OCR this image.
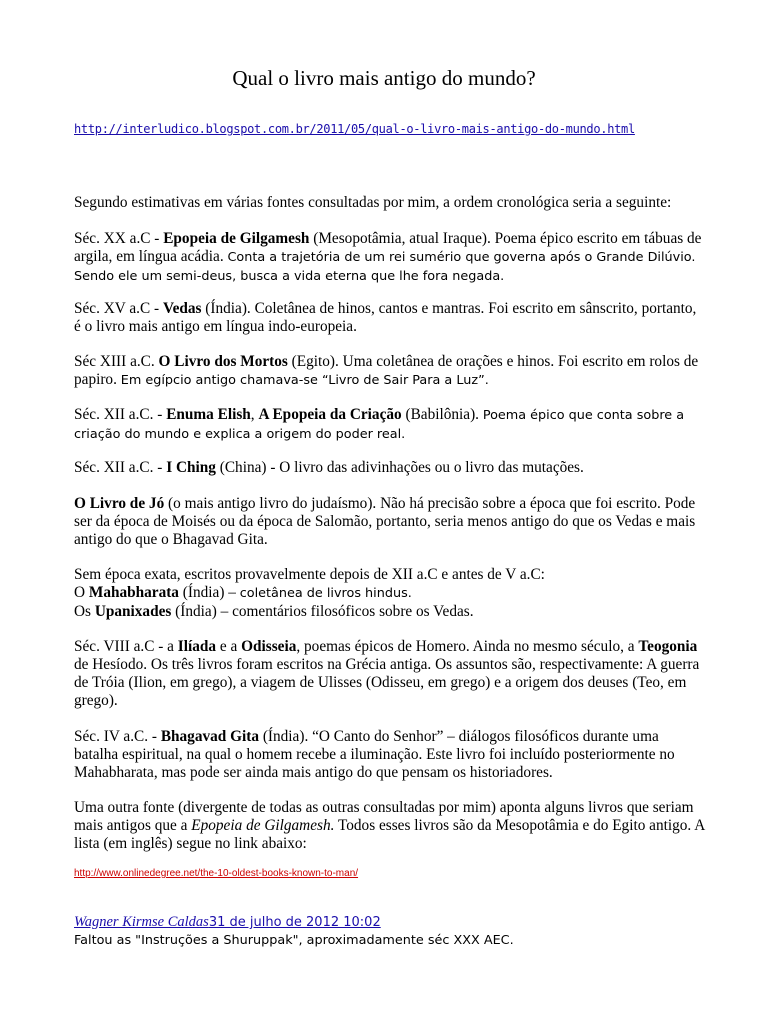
Qual o livro mais antigo do mundo?
http://interludico.blogspot.com.br/2011/05/qual-o-livro-mais-antigo-do-mundo.html
Segundo estimativas em várias fontes consultadas por mim, a ordem cronológica seria a seguinte:
Séc. XX a.C - Epopeia de Gilgamesh (Mesopotâmia, atual Iraque). Poema épico escrito em tábuas de argila, em língua acádia. Conta a trajetória de um rei sumério que governa após o Grande Dilúvio. Sendo ele um semi-deus, busca a vida eterna que lhe fora negada.
Séc. XV a.C - Vedas (Índia). Coletânea de hinos, cantos e mantras. Foi escrito em sânscrito, portanto, é o livro mais antigo em língua indo-europeia.
Séc XIII a.C. O Livro dos Mortos (Egito). Uma coletânea de orações e hinos. Foi escrito em rolos de papiro. Em egípcio antigo chamava-se “Livro de Sair Para a Luz”.
Séc. XII a.C. - Enuma Elish, A Epopeia da Criação (Babilônia). Poema épico que conta sobre a criação do mundo e explica a origem do poder real.
Séc. XII a.C. - I Ching (China) - O livro das adivinhações ou o livro das mutações.
O Livro de Jó (o mais antigo livro do judaísmo). Não há precisão sobre a época que foi escrito. Pode ser da época de Moisés ou da época de Salomão, portanto, seria menos antigo do que os Vedas e mais antigo do que o Bhagavad Gita.
Sem época exata, escritos provavelmente depois de XII a.C e antes de V a.C:
O Mahabharata (Índia) – coletânea de livros hindus.
Os Upanixades (Índia) – comentários filosóficos sobre os Vedas.
Séc. VIII a.C - a Ilíada e a Odisseia, poemas épicos de Homero. Ainda no mesmo século, a Teogonia de Hesíodo. Os três livros foram escritos na Grécia antiga. Os assuntos são, respectivamente: A guerra de Tróia (Ilion, em grego), a viagem de Ulisses (Odisseu, em grego) e a origem dos deuses (Teo, em grego).
Séc. IV a.C. - Bhagavad Gita (Índia). “O Canto do Senhor” – diálogos filosóficos durante uma batalha espiritual, na qual o homem recebe a iluminação. Este livro foi incluído posteriormente no Mahabharata, mas pode ser ainda mais antigo do que pensam os historiadores.
Uma outra fonte (divergente de todas as outras consultadas por mim) aponta alguns livros que seriam mais antigos que a Epopeia de Gilgamesh. Todos esses livros são da Mesopotâmia e do Egito antigo. A lista (em inglês) segue no link abaixo:
http://www.onlinedegree.net/the-10-oldest-books-known-to-man/
Wagner Kirmse Caldas31 de julho de 2012 10:02
Faltou as "Instruções a Shuruppak", aproximadamente séc XXX AEC.
